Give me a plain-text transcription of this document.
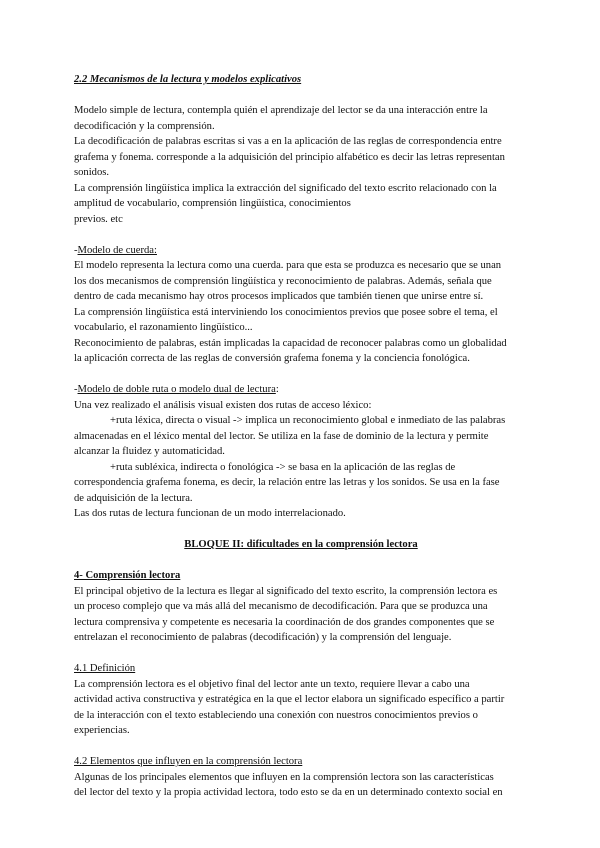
2.2 Mecanismos de la lectura y modelos explicativos

Modelo simple de lectura, contempla quién el aprendizaje del lector se da una interacción entre la

decodificación y la comprensión.

La decodificación de palabras escritas si vas a en la aplicación de las reglas de correspondencia entre

grafema y fonema. corresponde a la adquisición del principio alfabético es decir las letras representan

sonidos.

La comprensión lingüística implica la extracción del significado del texto escrito relacionado con la

amplitud de vocabulario, comprensión lingüística, conocimientos

previos. etc

-Modelo de cuerda:

El modelo representa la lectura como una cuerda. para que esta se produzca es necesario que se unan

los dos mecanismos de comprensión lingüística y reconocimiento de palabras. Además, señala que

dentro de cada mecanismo hay otros procesos implicados que también tienen que unirse entre sí.

La comprensión lingüística está interviniendo los conocimientos previos que posee sobre el tema, el

vocabulario, el razonamiento lingüístico...

Reconocimiento de palabras, están implicadas la capacidad de reconocer palabras como un globalidad

la aplicación correcta de las reglas de conversión grafema fonema y la conciencia fonológica.

-Modelo de doble ruta o modelo dual de lectura:

Una vez realizado el análisis visual existen dos rutas de acceso léxico:

+ruta léxica, directa o visual -> implica un reconocimiento global e inmediato de las palabras

almacenadas en el léxico mental del lector. Se utiliza en la fase de dominio de la lectura y permite

alcanzar la fluidez y automaticidad.

+ruta subléxica, indirecta o fonológica -> se basa en la aplicación de las reglas de

correspondencia grafema fonema, es decir, la relación entre las letras y los sonidos. Se usa en la fase

de adquisición de la lectura.

Las dos rutas de lectura funcionan de un modo interrelacionado.

BLOQUE II: dificultades en la comprensión lectora

4- Comprensión lectora

El principal objetivo de la lectura es llegar al significado del texto escrito, la comprensión lectora es

un proceso complejo que va más allá del mecanismo de decodificación. Para que se produzca una

lectura comprensiva y competente es necesaria la coordinación de dos grandes componentes que se

entrelazan el reconocimiento de palabras (decodificación) y la comprensión del lenguaje.

4.1 Definición

La comprensión lectora es el objetivo final del lector ante un texto, requiere llevar a cabo una

actividad activa constructiva y estratégica en la que el lector elabora un significado específico a partir

de la interacción con el texto estableciendo una conexión con nuestros conocimientos previos o

experiencias.

4.2 Elementos que influyen en la comprensión lectora

Algunas de los principales elementos que influyen en la comprensión lectora son las características

del lector del texto y la propia actividad lectora, todo esto se da en un determinado contexto social en
